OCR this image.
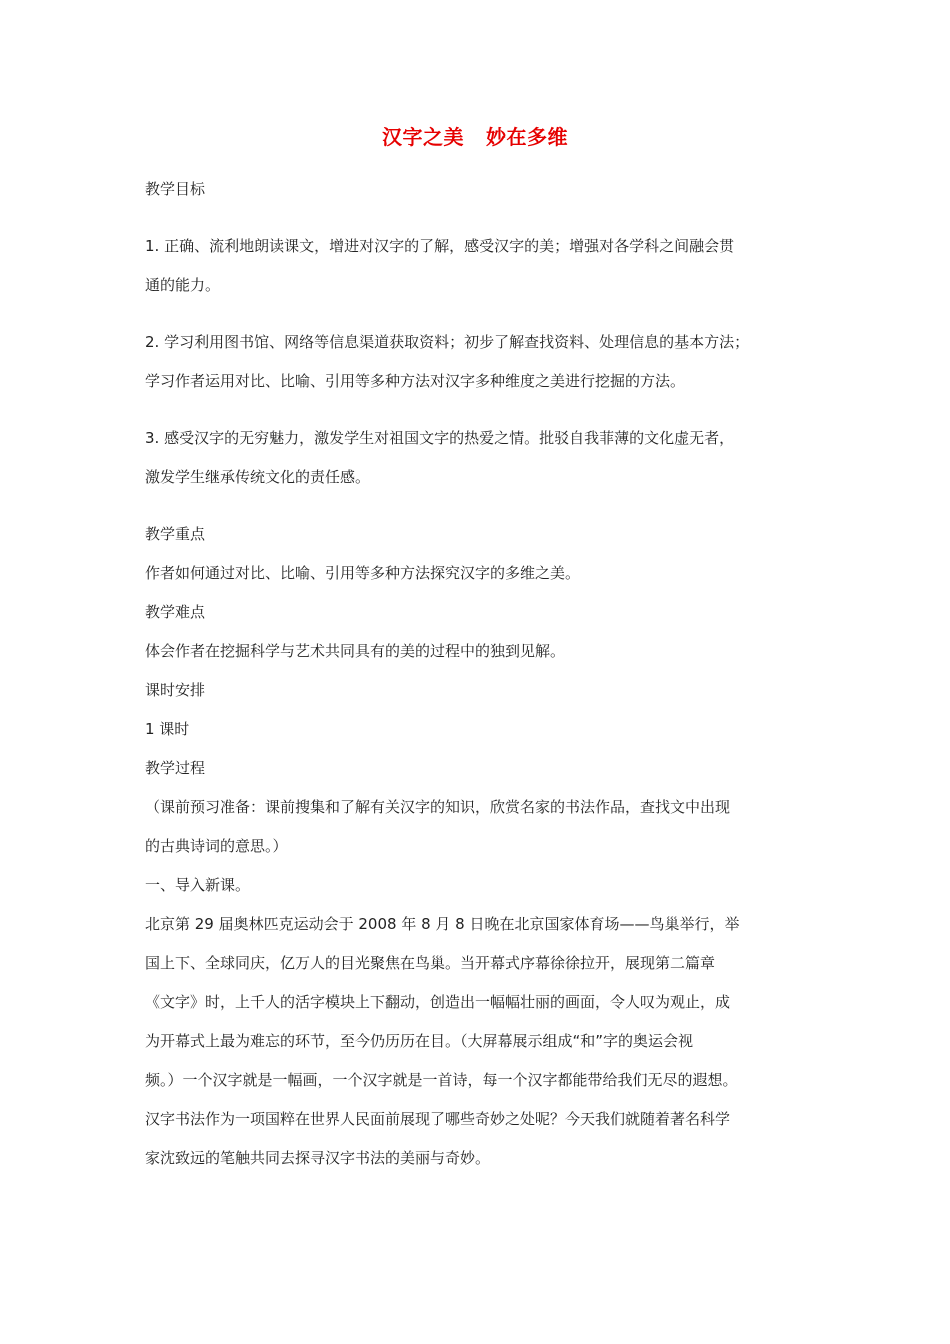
汉字之美 妙在多维

教学目标

1. 正确、流利地朗读课文，增进对汉字的了解，感受汉字的美；增强对各学科之间融会贯

通的能力。

2. 学习利用图书馆、网络等信息渠道获取资料；初步了解查找资料、处理信息的基本方法；

学习作者运用对比、比喻、引用等多种方法对汉字多种维度之美进行挖掘的方法。

3. 感受汉字的无穷魅力，激发学生对祖国文字的热爱之情。批驳自我菲薄的文化虚无者，

激发学生继承传统文化的责任感。

教学重点

作者如何通过对比、比喻、引用等多种方法探究汉字的多维之美。

教学难点

体会作者在挖掘科学与艺术共同具有的美的过程中的独到见解。

课时安排

1 课时

教学过程

（课前预习准备：课前搜集和了解有关汉字的知识，欣赏名家的书法作品，查找文中出现

的古典诗词的意思。）

一、导入新课。

北京第 29 届奥林匹克运动会于 2008 年 8 月 8 日晚在北京国家体育场——鸟巢举行，举

国上下、全球同庆，亿万人的目光聚焦在鸟巢。当开幕式序幕徐徐拉开，展现第二篇章

《文字》时，上千人的活字模块上下翻动，创造出一幅幅壮丽的画面，令人叹为观止，成

为开幕式上最为难忘的环节，至今仍历历在目。（大屏幕展示组成“和”字的奥运会视

频。）一个汉字就是一幅画，一个汉字就是一首诗，每一个汉字都能带给我们无尽的遐想。

汉字书法作为一项国粹在世界人民面前展现了哪些奇妙之处呢？今天我们就随着著名科学

家沈致远的笔触共同去探寻汉字书法的美丽与奇妙。
